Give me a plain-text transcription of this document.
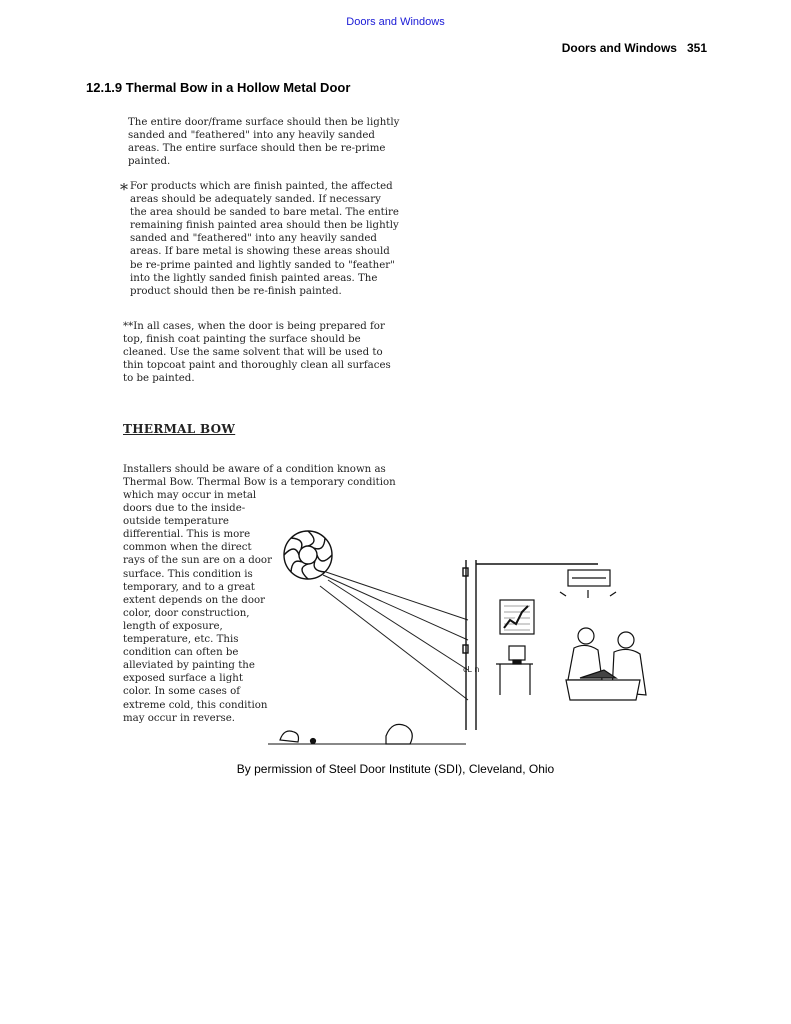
Doors and Windows
Doors and Windows 351
12.1.9 Thermal Bow in a Hollow Metal Door

The entire door/frame surface should then be lightly sanded and "feathered" into any heavily sanded areas. The entire surface should then be re-prime painted.

* For products which are finish painted, the affected areas should be adequately sanded. If necessary the area should be sanded to bare metal. The entire remaining finish painted area should then be lightly sanded and "feathered" into any heavily sanded areas. If bare metal is showing these areas should be re-prime painted and lightly sanded to "feather" into the lightly sanded finish painted areas. The product should then be re-finish painted.

**In all cases, when the door is being prepared for top, finish coat painting the surface should be cleaned. Use the same solvent that will be used to thin topcoat paint and thoroughly clean all surfaces to be painted.

THERMAL BOW

Installers should be aware of a condition known as Thermal Bow. Thermal Bow is a temporary condition

which may occur in metal doors due to the inside-outside temperature differential. This is more common when the direct rays of the sun are on a door surface. This condition is temporary, and to a great extent depends on the door color, door construction, length of exposure, temperature, etc. This condition can often be alleviated by painting the exposed surface a light color. In some cases of extreme cold, this condition may occur in reverse.

cL n
By permission of Steel Door Institute (SDI), Cleveland, Ohio
